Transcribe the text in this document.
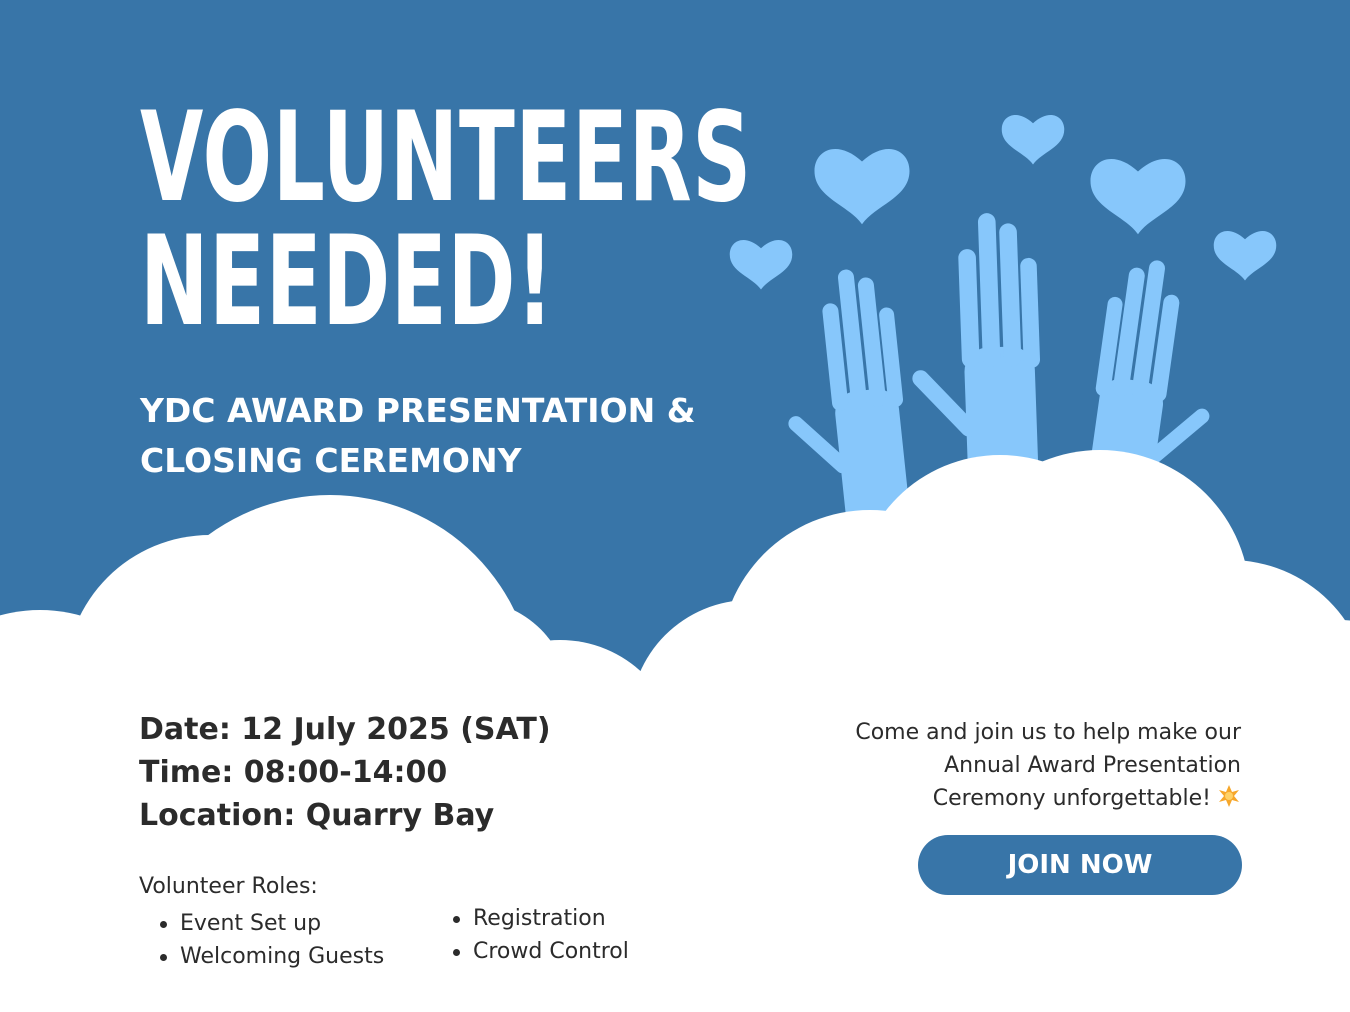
VOLUNTEERS
NEEDED!
YDC AWARD PRESENTATION &
CLOSING CEREMONY
Date: 12 July 2025 (SAT)
Time: 08:00-14:00
Location: Quarry Bay
Volunteer Roles:
Event Set up
Welcoming Guests
Registration
Crowd Control
Come and join us to help make our
Annual Award Presentation
Ceremony unforgettable!
JOIN NOW
